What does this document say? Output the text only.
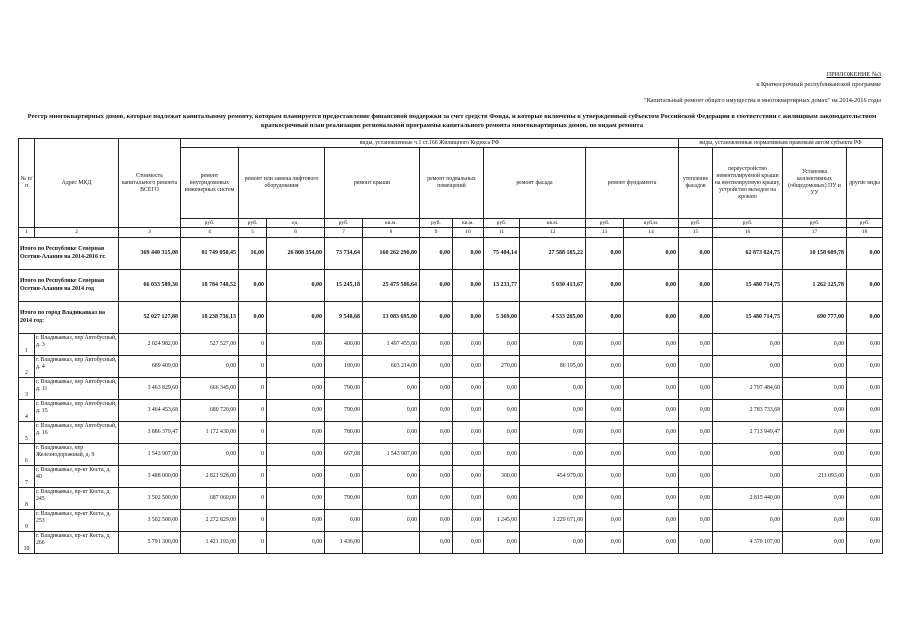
ПРИЛОЖЕНИЕ №3
к Краткосрочный республиканской программе
"Капитальный ремонт общего имущества в многоквартирных домах" на 2014-2016 годы
Реестр многоквартирных домов, которые подлежат капитальному ремонту, которым планируется предоставление финансовой поддержки за счет средств Фонда, и которые включены в утвержденный субъектом Российской Федерации в соответствии с жилищным законодательством краткосрочный план реализации региональной программы капитального ремонта многоквартирных домов, по видам ремонта
№ п/п	Адрес МКД	Стоимость капитального ремонта ВСЕГО	виды, установленные ч.1 ст.166 Жилищного Кодекса РФ											виды, установленные нормативным правовым актом субъекта РФ				
			ремонт внутридомовых инженерных систем	ремонт или замена лифтового оборудования		ремонт крыши		ремонт подвальных помещений		ремонт фасада		ремонт фундамента		утепление фасадов	переустройство невентилируемой крыши на вентилируемую крышу, устройство выходов на кровлю	Установка коллективных (общедомовых) ПУ и УУ	другие виды	
			руб.	руб.	ед.	руб.	кв.м.	руб.	кв.м.	руб.	кв.м.	руб.	куб.м.	руб.	руб.	руб.	руб.	
1	2	3	4	5	6	7	8	9	10	11	12	13	14	15	16	17	18	
Итого по Республике Северная Осетия-Алания на 2014-2016 гг.		369 440 315,08	81 749 050,45	16,00	26 808 354,00	73 734,64	160 262 290,80	0,00	0,00	75 404,14	27 588 185,22	0,00	0,00	0,00	62 873 824,75	10 158 609,78	0,00	
Итого по Республике Северная Осетия-Алания на 2014 год		66 033 589,36	18 784 748,52	0,00	0,00	15 245,18	25 475 586,64	0,00	0,00	13 233,77	5 030 413,67	0,00	0,00	0,00	15 480 714,75	1 262 125,78	0,00	
Итого по город Владикавказ на 2014 год:		52 027 127,88	18 238 736,13	0,00	0,00	9 548,68	13 083 695,00	0,00	0,00	5 369,00	4 533 205,00	0,00	0,00	0,00	15 480 714,75	690 777,00	0,00	
1	г. Владикавказ, пер Автобусный, д. 3	2 024 982,00	527 527,00	0	0,00	400,00	1 497 455,00	0,00	0,00	0,00	0,00	0,00	0,00	0,00	0,00	0,00	0,00	
2	г. Владикавказ, пер Автобусный, д. 4	689 409,00	0,00	0	0,00	190,00	603 214,00	0,00	0,00	270,00	86 195,00	0,00	0,00	0,00	0,00	0,00	0,00	
3	г. Владикавказ, пер Автобусный, д. 11	3 463 829,60	666 345,00	0	0,00	790,00	0,00	0,00	0,00	0,00	0,00	0,00	0,00	0,00	2 797 484,60	0,00	0,00	
4	г. Владикавказ, пер Автобусный, д. 15	3 464 453,68	680 720,00	0	0,00	790,00	0,00	0,00	0,00	0,00	0,00	0,00	0,00	0,00	2 783 733,68	0,00	0,00	
5	г. Владикавказ, пер Автобусный, д. 16	3 886 379,47	1 172 430,00	0	0,00	780,00	0,00	0,00	0,00	0,00	0,00	0,00	0,00	0,00	2 713 949,47	0,00	0,00	
6	г. Владикавказ, пер Железнодорожный, д. 9	1 543 907,00	0,00	0	0,00	667,08	1 543 907,00	0,00	0,00	0,00	0,00	0,00	0,00	0,00	0,00	0,00	0,00	
7	г. Владикавказ, пр-кт Коста, д. 40	3 488 000,00	2 821 928,00	0	0,00	0,00	0,00	0,00	0,00	300,00	454 979,00	0,00	0,00	0,00	0,00	211 093,00	0,00	
8	г. Владикавказ, пр-кт Коста, д. 245	3 502 500,00	687 060,00	0	0,00	790,00	0,00	0,00	0,00	0,00	0,00	0,00	0,00	0,00	2 815 440,00	0,00	0,00	
9	г. Владикавказ, пр-кт Коста, д. 253	3 502 500,00	2 272 829,00	0	0,00	0,00	0,00	0,00	0,00	1 245,00	1 229 671,00	0,00	0,00	0,00	0,00	0,00	0,00	
10	г. Владикавказ, пр-кт Коста, д. 266	5 791 300,00	1 421 193,00	0	0,00	1 436,00		0,00	0,00	0,00	0,00	0,00	0,00	0,00	4 370 107,00	0,00	0,00	
